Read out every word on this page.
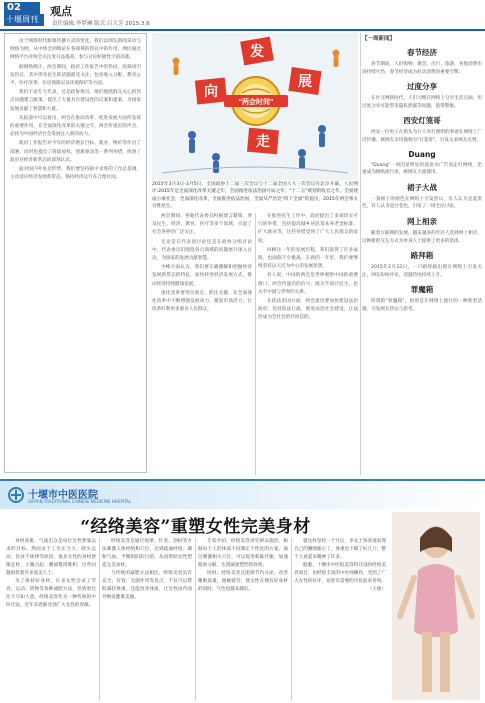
02
十堰周刊
观点
责任编辑:李梦琳 版式:吕大芳 2015.3.6

由于网络时代新闻传播方式的变化，我们以网友新闻采访与网络为例，从中体会到舆论在各领域的热议中的作用。网民通过网络平台对两会关注度日益提高，参与讨论积极性空前高涨。

据网络统计，两会期间，政府工作报告中的热词、高频词引发热议，其中涉及民生的话题最受关注，包括收入分配、教育公平、医疗改革、住房保障以及环境保护等方面。

我们不论专大代表，还是政协委员，他们围绕群众关心的热点问题建言献策，提出了大量具有建设性的议案和提案，为国家发展贡献了智慧和力量。

从报道中可以看出，两会在推动改革、促进发展方面所发挥的重要作用。在全面深化改革的关键之年，两会传递出的声音，必将为中国经济社会发展注入新的动力。

政府工作报告对今年的经济增长目标、就业、物价等作出了部署，同时也提出了简政放权、创新驱动等一系列举措，体现了政府对经济新常态的深刻认识。

面对国内外复杂形势，我们要坚持稳中求进的工作总基调，主动适应经济发展新常态，保持经济运行在合理区间。

发
展
走
向
"两会时间"
2015年3月3日-3月5日，全国政协十二届三次会议与十二届全国人大三次会议在北京开幕，人民网评:2015年是全面深化改革关键之年，全面推进依法治国开局之年。"十二五"规划的收官之年。全面建成小康社会，全面深化改革，全面推进依法治国，全面从严治党"四个全面"的提出，2015年两会事关百姓民生。

两会期间，各地代表委员积极建言献策，涉及民生、经济、教育、医疗等多个领域，引起了社会各界的广泛关注。

无论是在代表团讨论还是在政协分组讨论中，代表委员们围绕各自领域的问题展开深入讨论，为国家的发展贡献智慧。

少峰方面认为，我们要正确理解和把握经济发展新常态的特征，加快转变经济发展方式，推动经济持续健康发展。

深化改革要突出重点、抓住关键，在全面深化改革中不断增强发展动力，激发市场活力，让改革红利更多惠及人民群众。

在推进民生工作中，政府提出了多项切实可行的举措，包括提高城乡居民基本养老金标准、扩大就业等，这些举措受到了广大人民群众的欢迎。

回顾这一年的发展历程，我们取得了许多成绩，也面临不少挑战。在新的一年里，我们要继续坚持以人民为中心的发展思想。

有人说，中国的两会是世界观察中国的重要窗口，两会传递出的信号，既关乎国计民生，也关乎中国与世界的关系。

在依法治国方面，两会提出要加快建设法治政府，坚持依法行政，推进法治社会建设，让法治成为全社会的共同信仰。

【一周新闻】
春节经济
春节期间，人们购物、聚会、出行、旅游，各地消费市场持续火热，春节经济成为拉动消费的重要引擎。
过度分享
在社交网络时代，人们习惯在网络上分享生活点滴，但过度分享可能带来隐私泄露等问题，值得警惕。
西安灯笼哥
西安一位男子在街头为行人举灯照明的事迹在网络上广泛传播，被网友亲切地称为"灯笼哥"，引发众多网友点赞。
Duang
"Duang"一词因某明星的洗发水广告而走红网络，迅速成为网络流行语，被网友大量使用。
裙子大战
一条裙子的颜色在网络上引发热议，有人认为是蓝黑色，有人认为是白金色，引发了一场全民讨论。
网上相亲
随着互联网的发展，越来越多的年轻人选择网上相亲，这种新的交友方式为单身人士提供了更多的选择。
路拜箱
2015年2月22日，一只路拜箱出现在网络上引发关注，网友纷纷评论，话题热度持续上升。
罪魔箱
所谓的"罪魔箱"，指的是在网络上流行的一种新型话题，引发网友热议与思考。
十堰市中医医院
SHIYAN TRADITIONAL CHINESE MEDICINE HOSPITAL
“经络美容”重塑女性完美身材

身材高挑、气质出众是每位女性梦寐以求的目标。然而由于工作压力大、缺少运动、饮食不规律等原因，很多女性的身材逐渐走样，小腹凸起、腰部赘肉堆积，这些问题困扰着许多爱美人士。

为了保持好身材，许多女性尝试了节食、运动、药物等各种减肥方法，但效果往往不尽如人意。经络美容作为一种传统的中医疗法，近年来逐渐受到广大女性的青睐。

经络美容是通过按摩、针灸、刮痧等方法刺激人体经络和穴位，达到疏通经络、调和气血、平衡阴阳的目的，从而帮助女性塑造完美身材。

与传统的减肥方法相比，经络美容具有安全、有效、无副作用等优点，不仅可以帮助减轻体重，还能改善体质，让女性由内而外焕发健康美丽。

专家介绍，经络美容讲究辨证施治，根据每个人的体质不同制定个性化的方案。通过刺激相关穴位，可以促进新陈代谢，加速脂肪分解，达到减重塑形的效果。

同时，经络美容还能调节内分泌，改善睡眠质量，缓解疲劳，使女性在拥有好身材的同时，气色也越来越好。

就这样坚持一个月后，李女士惊喜地发现自己的腰围缩小了，体重也下降了好几斤，整个人看起来精神了许多。

据悉，十堰市中医院美容科开设的经络美容项目，由经验丰富的中医师操作，受到了广大女性的好评，欢迎有需要的市民前来咨询。

（王惠）
